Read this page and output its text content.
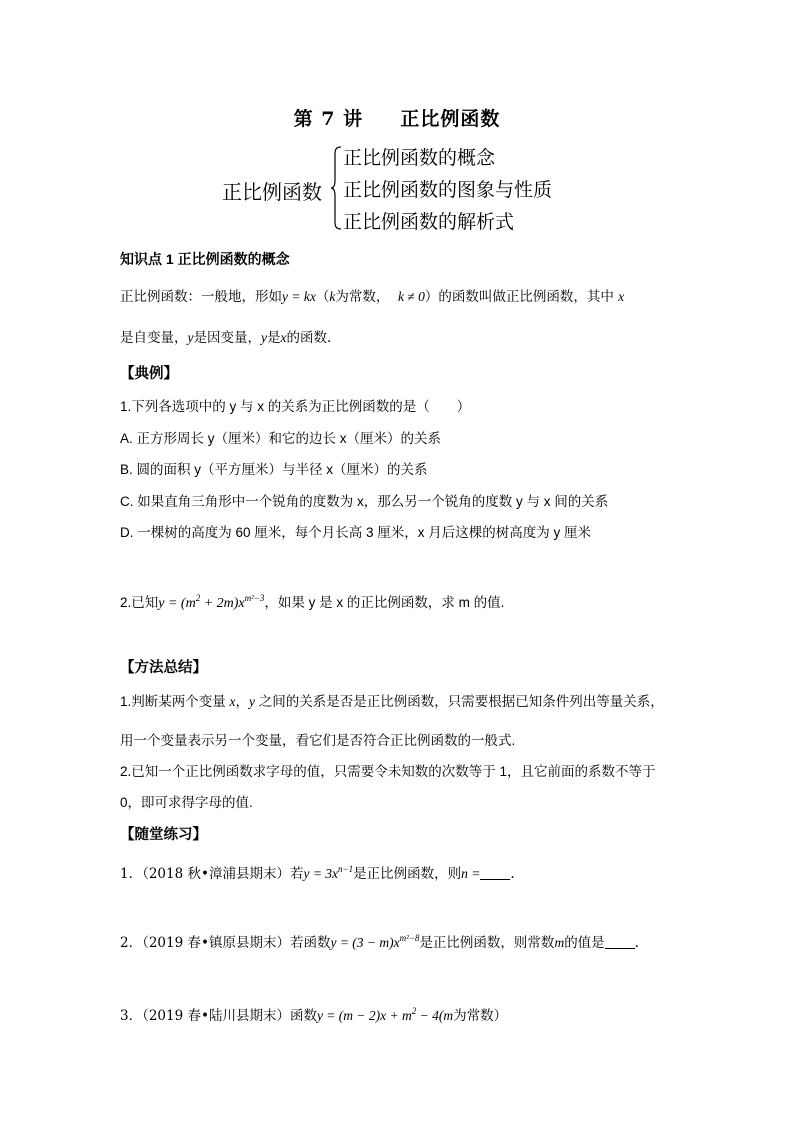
第 7 讲 正比例函数
正比例函数
正比例函数的概念
正比例函数的图象与性质
正比例函数的解析式
知识点 1 正比例函数的概念
正比例函数：一般地，形如y = kx（k为常数， k ≠ 0）的函数叫做正比例函数，其中 x
是自变量，y是因变量，y是x的函数.
【典例】
1.下列各选项中的 y 与 x 的关系为正比例函数的是（　　）
A. 正方形周长 y（厘米）和它的边长 x（厘米）的关系
B. 圆的面积 y（平方厘米）与半径 x（厘米）的关系
C. 如果直角三角形中一个锐角的度数为 x，那么另一个锐角的度数 y 与 x 间的关系
D. 一棵树的高度为 60 厘米，每个月长高 3 厘米，x 月后这棵的树高度为 y 厘米
2.已知$y = (m^2 + 2m)x^{m^2-3}$，如果 y 是 x 的正比例函数，求 m 的值.
【方法总结】
1.判断某两个变量 x，y 之间的关系是否是正比例函数，只需要根据已知条件列出等量关系，
用一个变量表示另一个变量，看它们是否符合正比例函数的一般式.
2.已知一个正比例函数求字母的值，只需要令未知数的次数等于 1，且它前面的系数不等于
0，即可求得字母的值.
【随堂练习】
1．（2018 秋•漳浦县期末）若$y = 3x^{n-1}$是正比例函数，则n = .
2．（2019 春•镇原县期末）若函数$y = (3 - m)x^{m^2-8}$是正比例函数，则常数m的值是 .
3．（2019 春•陆川县期末）函数$y = (m - 2)x + m^2 - 4(m$为常数）
